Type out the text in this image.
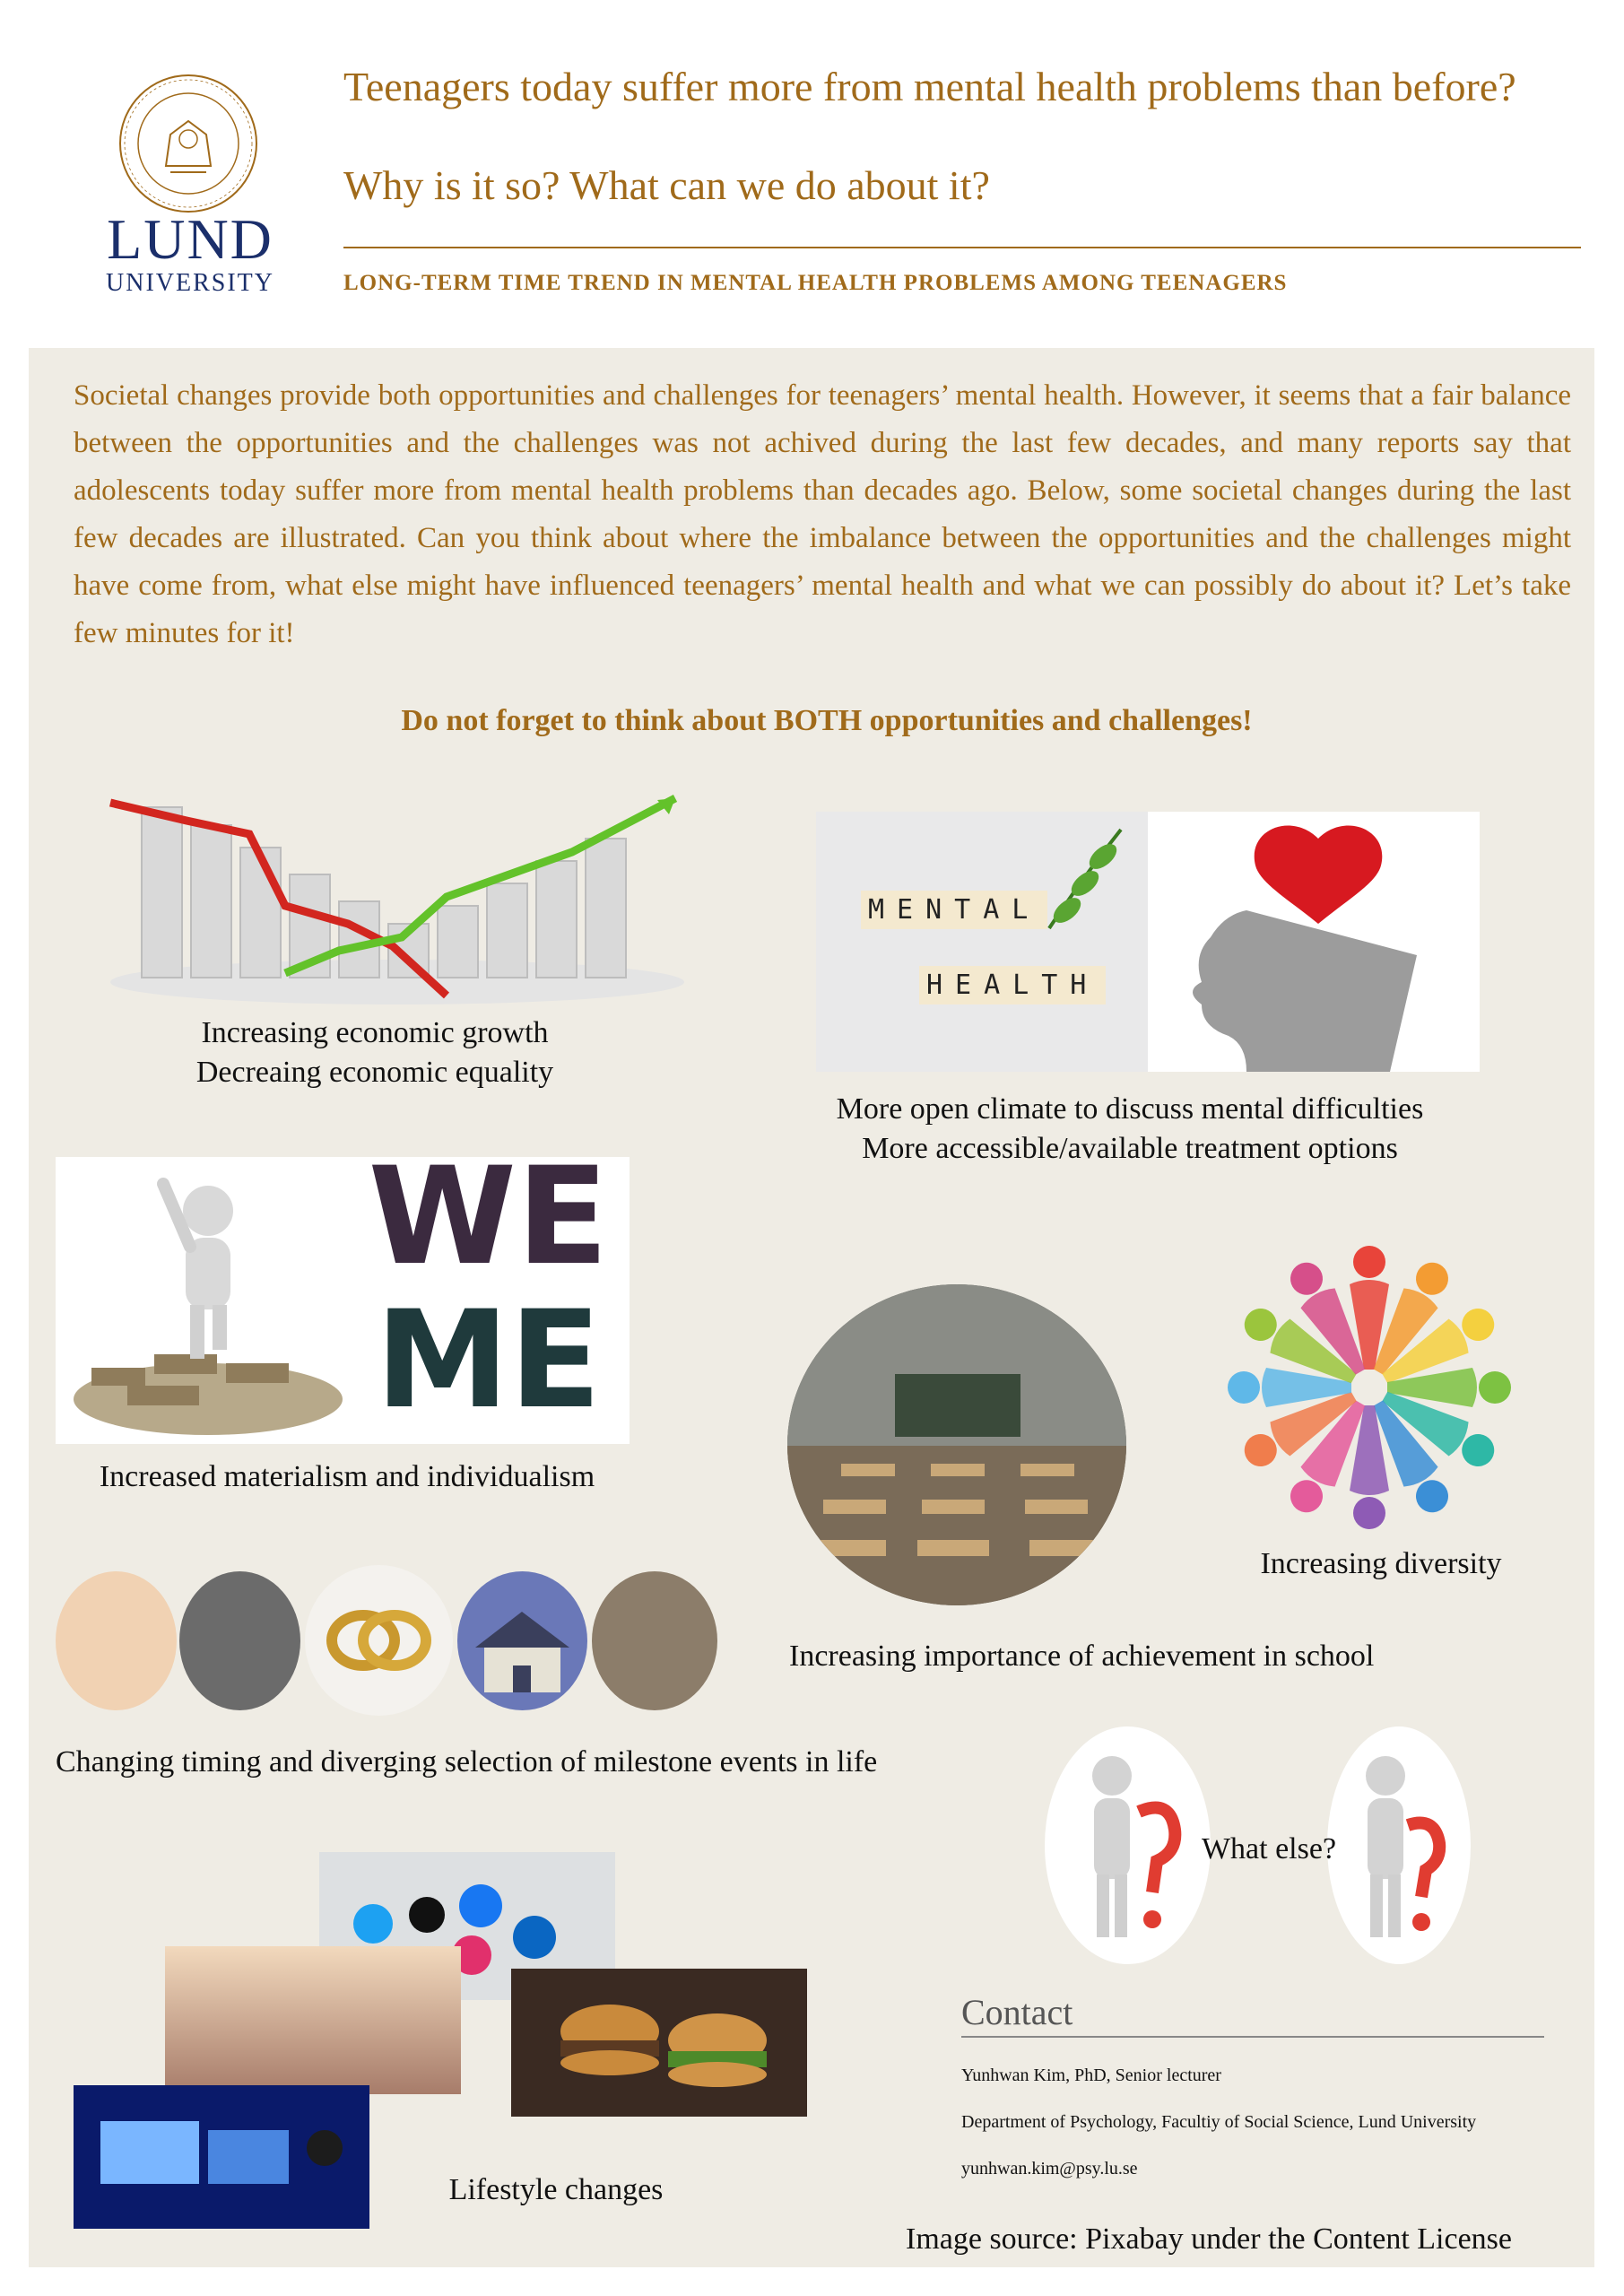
LUND
UNIVERSITY
Teenagers today suffer more from mental health problems than before?
Why is it so? What can we do about it?
LONG-TERM TIME TREND IN MENTAL HEALTH PROBLEMS AMONG TEENAGERS
Societal changes provide both opportunities and challenges for teenagers’ mental health. However, it seems that a fair balance between the opportunities and the challenges was not achived during the last few decades, and many reports say that adolescents today suffer more from mental health problems than decades ago. Below, some societal changes during the last few decades are illustrated. Can you think about where the imbalance between the opportunities and the challenges might have come from, what else might have influenced teenagers’ mental health and what we can possibly do about it? Let’s take few minutes for it!
Do not forget to think about BOTH opportunities and challenges!
Increasing economic growth
Decreaing economic equality
MENTAL
HEALTH
More open climate to discuss mental difficulties
More accessible/available treatment options
WE
ME
Increased materialism and individualism
Increasing importance of achievement in school
Increasing diversity
Changing timing and diverging selection of milestone events in life
What else?
Lifestyle changes
Contact
Yunhwan Kim, PhD, Senior lecturer
Department of Psychology, Facultiy of Social Science, Lund University
yunhwan.kim@psy.lu.se
Image source: Pixabay under the Content License
